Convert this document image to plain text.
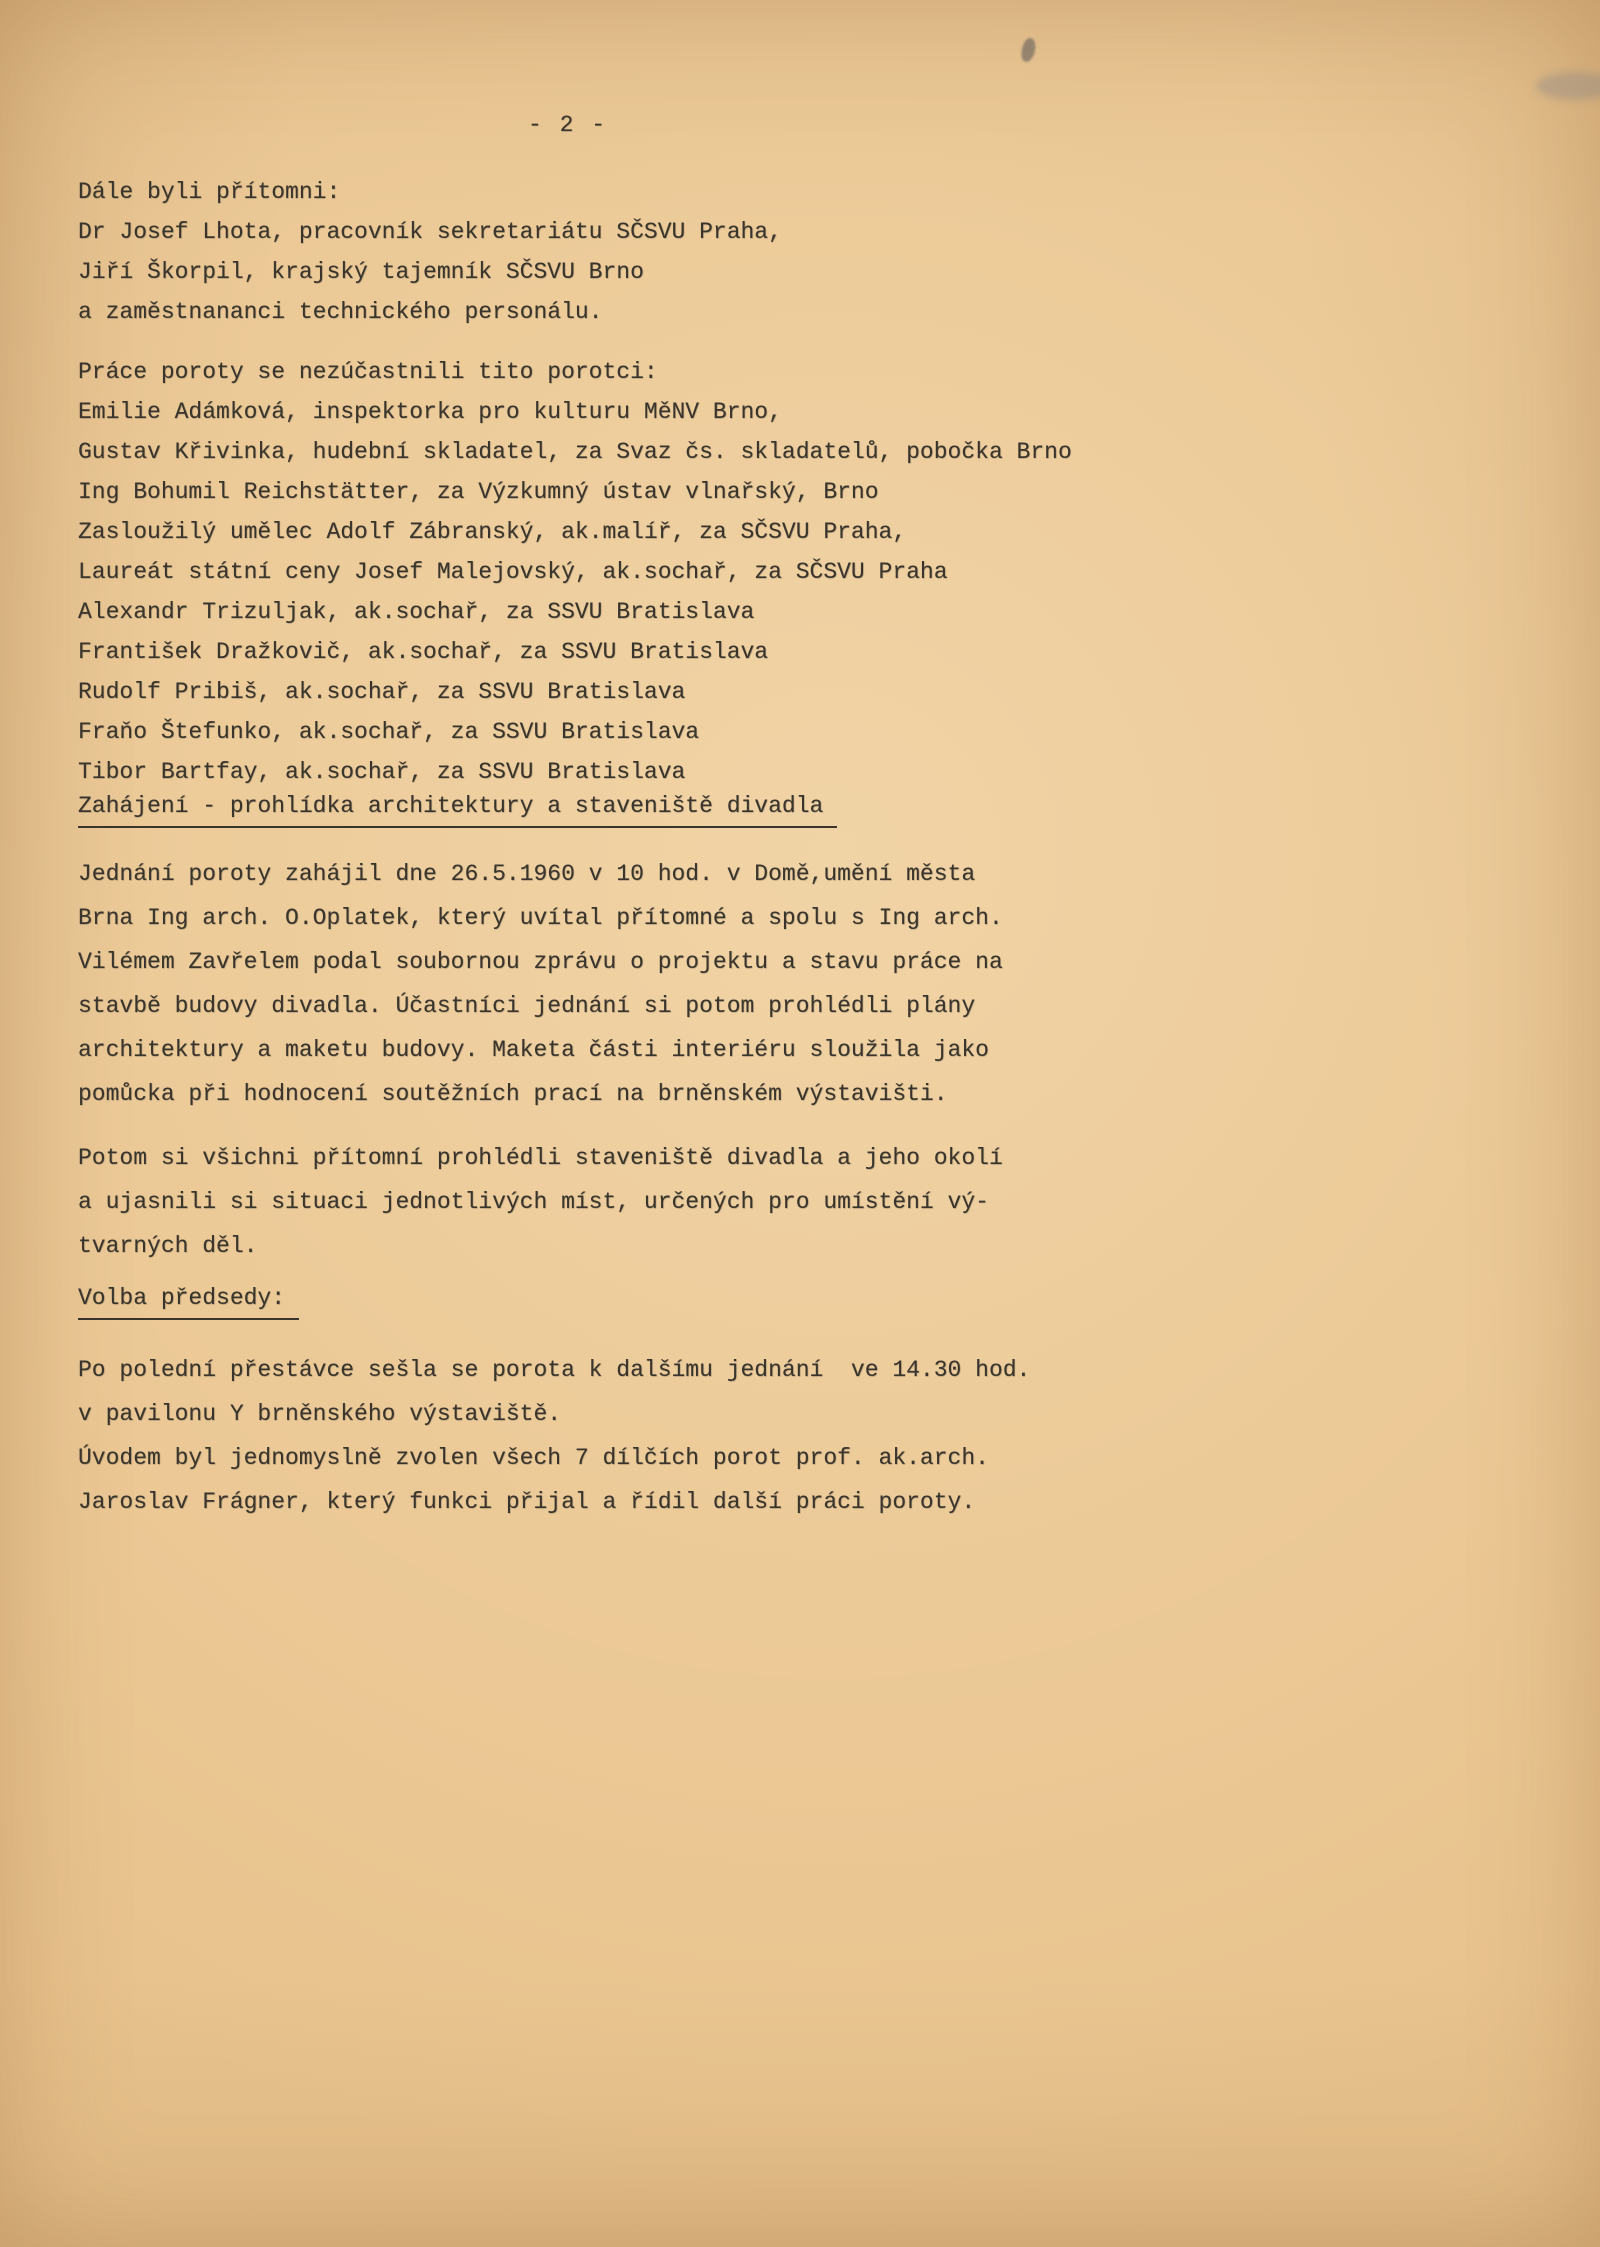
- 2 -
Dále byli přítomni:
Dr Josef Lhota, pracovník sekretariátu SČSVU Praha,
Jiří Škorpil, krajský tajemník SČSVU Brno
a zaměstnananci technického personálu.
Práce poroty se nezúčastnili tito porotci:
Emilie Adámková, inspektorka pro kulturu MěNV Brno,
Gustav Křivinka, hudební skladatel, za Svaz čs. skladatelů, pobočka Brno
Ing Bohumil Reichstätter, za Výzkumný ústav vlnařský, Brno
Zasloužilý umělec Adolf Zábranský, ak.malíř, za SČSVU Praha,
Laureát státní ceny Josef Malejovský, ak.sochař, za SČSVU Praha
Alexandr Trizuljak, ak.sochař, za SSVU Bratislava
František Dražkovič, ak.sochař, za SSVU Bratislava
Rudolf Pribiš, ak.sochař, za SSVU Bratislava
Fraňo Štefunko, ak.sochař, za SSVU Bratislava
Tibor Bartfay, ak.sochař, za SSVU Bratislava
Zahájení - prohlídka architektury a staveniště divadla
Jednání poroty zahájil dne 26.5.1960 v 10 hod. v Domě,umění města
Brna Ing arch. O.Oplatek, který uvítal přítomné a spolu s Ing arch.
Vilémem Zavřelem podal soubornou zprávu o projektu a stavu práce na
stavbě budovy divadla. Účastníci jednání si potom prohlédli plány
architektury a maketu budovy. Maketa části interiéru sloužila jako
pomůcka při hodnocení soutěžních prací na brněnském výstavišti.
Potom si všichni přítomní prohlédli staveniště divadla a jeho okolí
a ujasnili si situaci jednotlivých míst, určených pro umístění vý-
tvarných děl.
Volba předsedy:
Po polední přestávce sešla se porota k dalšímu jednání  ve 14.30 hod.
v pavilonu Y brněnského výstaviště.
Úvodem byl jednomyslně zvolen všech 7 dílčích porot prof. ak.arch.
Jaroslav Frágner, který funkci přijal a řídil další práci poroty.
